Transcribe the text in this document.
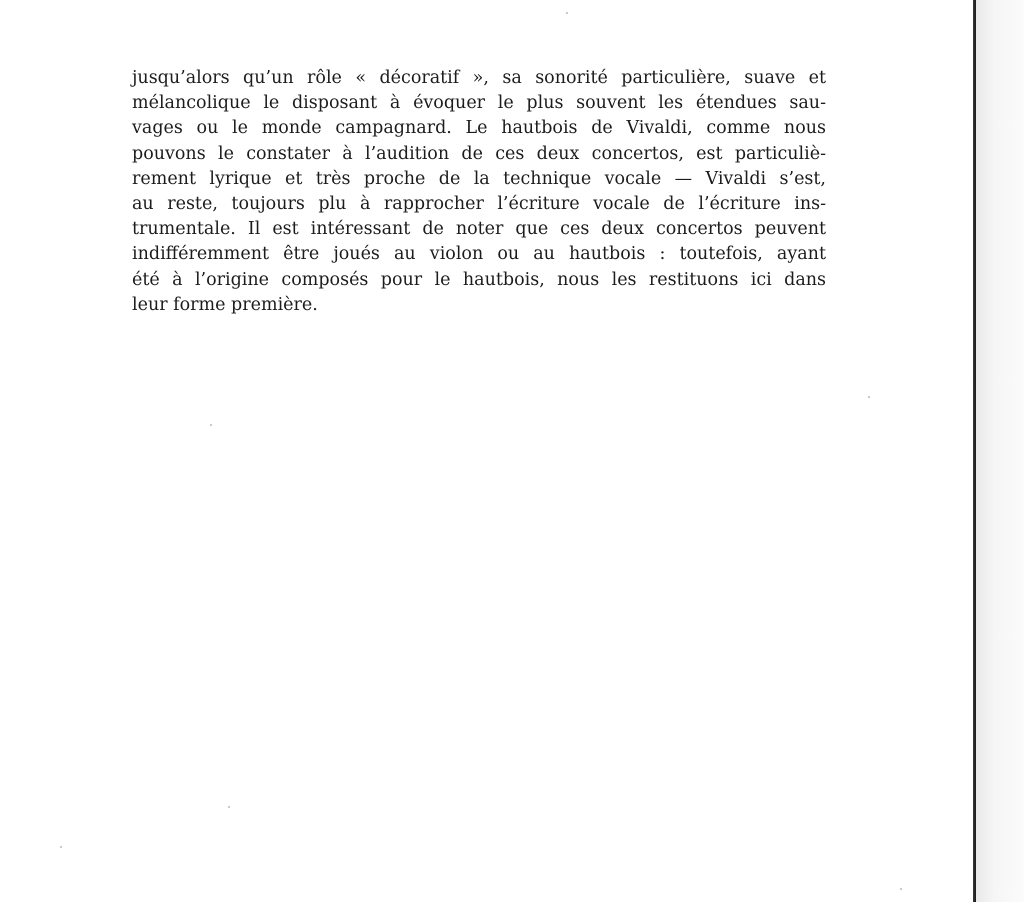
jusqu’alors qu’un rôle « décoratif », sa sonorité particulière, suave et
mélancolique le disposant à évoquer le plus souvent les étendues sau-
vages ou le monde campagnard. Le hautbois de Vivaldi, comme nous
pouvons le constater à l’audition de ces deux concertos, est particuliè-
rement lyrique et très proche de la technique vocale — Vivaldi s’est,
au reste, toujours plu à rapprocher l’écriture vocale de l’écriture ins-
trumentale. Il est intéressant de noter que ces deux concertos peuvent
indifféremment être joués au violon ou au hautbois : toutefois, ayant
été à l’origine composés pour le hautbois, nous les restituons ici dans
leur forme première.
